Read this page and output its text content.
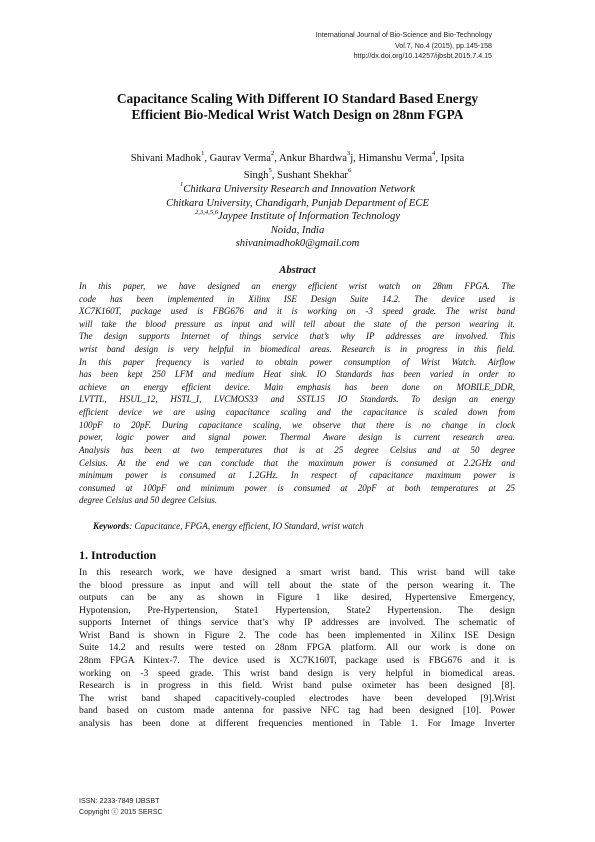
International Journal of Bio-Science and Bio-Technology
Vol.7, No.4 (2015), pp.145-158
http://dx.doi.org/10.14257/ijbsbt.2015.7.4.15
Capacitance Scaling With Different IO Standard Based Energy
Efficient Bio-Medical Wrist Watch Design on 28nm FGPA
Shivani Madhok$^1$, Gaurav Verma$^2$, Ankur Bhardwa$^3$j, Himanshu Verma$^4$, Ipsita
Singh$^5$, Sushant Shekhar$^6$
$^1$Chitkara University Research and Innovation Network
Chitkara University, Chandigarh, Punjab Department of ECE
$^{2,3,4,5,6}$Jaypee Institute of Information Technology
Noida, India
shivanimadhok0@gmail.com
Abstract
In this paper, we have designed an energy efficient wrist watch on 28nm FPGA. The
code has been implemented in Xilinx ISE Design Suite 14.2. The device used is
XC7K160T, package used is FBG676 and it is working on -3 speed grade. The wrist band
will take the blood pressure as input and will tell about the state of the person wearing it.
The design supports Internet of things service that’s why IP addresses are involved. This
wrist band design is very helpful in biomedical areas. Research is in progress in this field.
In this paper frequency is varied to obtain power consumption of Wrist Watch. Airflow
has been kept 250 LFM and medium Heat sink. IO Standards has been varied in order to
achieve an energy efficient device. Main emphasis has been done on MOBILE_DDR,
LVTTL, HSUL_12, HSTL_I, LVCMOS33 and SSTL15 IO Standards. To design an energy
efficient device we are using capacitance scaling and the capacitance is scaled down from
100pF to 20pF. During capacitance scaling, we observe that there is no change in clock
power, logic power and signal power. Thermal Aware design is current research area.
Analysis has been at two temperatures that is at 25 degree Celsius and at 50 degree
Celsius. At the end we can conclude that the maximum power is consumed at 2.2GHz and
minimum power is consumed at 1.2GHz. In respect of capacitance maximum power is
consumed at 100pF and minimum power is consumed at 20pF at both temperatures at 25
degree Celsius and 50 degree Celsius.
Keywords: Capacitance, FPGA, energy efficient, IO Standard, wrist watch
1. Introduction
In this research work, we have designed a smart wrist band. This wrist band will take
the blood pressure as input and will tell about the state of the person wearing it. The
outputs can be any as shown in Figure 1 like desired, Hypertensive Emergency,
Hypotension, Pre-Hypertension, State1 Hypertension, State2 Hypertension. The design
supports Internet of things service that’s why IP addresses are involved. The schematic of
Wrist Band is shown in Figure 2. The code has been implemented in Xilinx ISE Design
Suite 14.2 and results were tested on 28nm FPGA platform. All our work is done on
28nm FPGA Kintex-7. The device used is XC7K160T, package used is FBG676 and it is
working on -3 speed grade. This wrist band design is very helpful in biomedical areas.
Research is in progress in this field. Wrist band pulse oximeter has been designed [8].
The wrist band shaped capacitively-coupled electrodes have been developed [9].Wrist
band based on custom made antenna for passive NFC tag had been designed [10]. Power
analysis has been done at different frequencies mentioned in Table 1. For Image Inverter
ISSN: 2233-7849 IJBSBT
Copyright ⓒ 2015 SERSC
